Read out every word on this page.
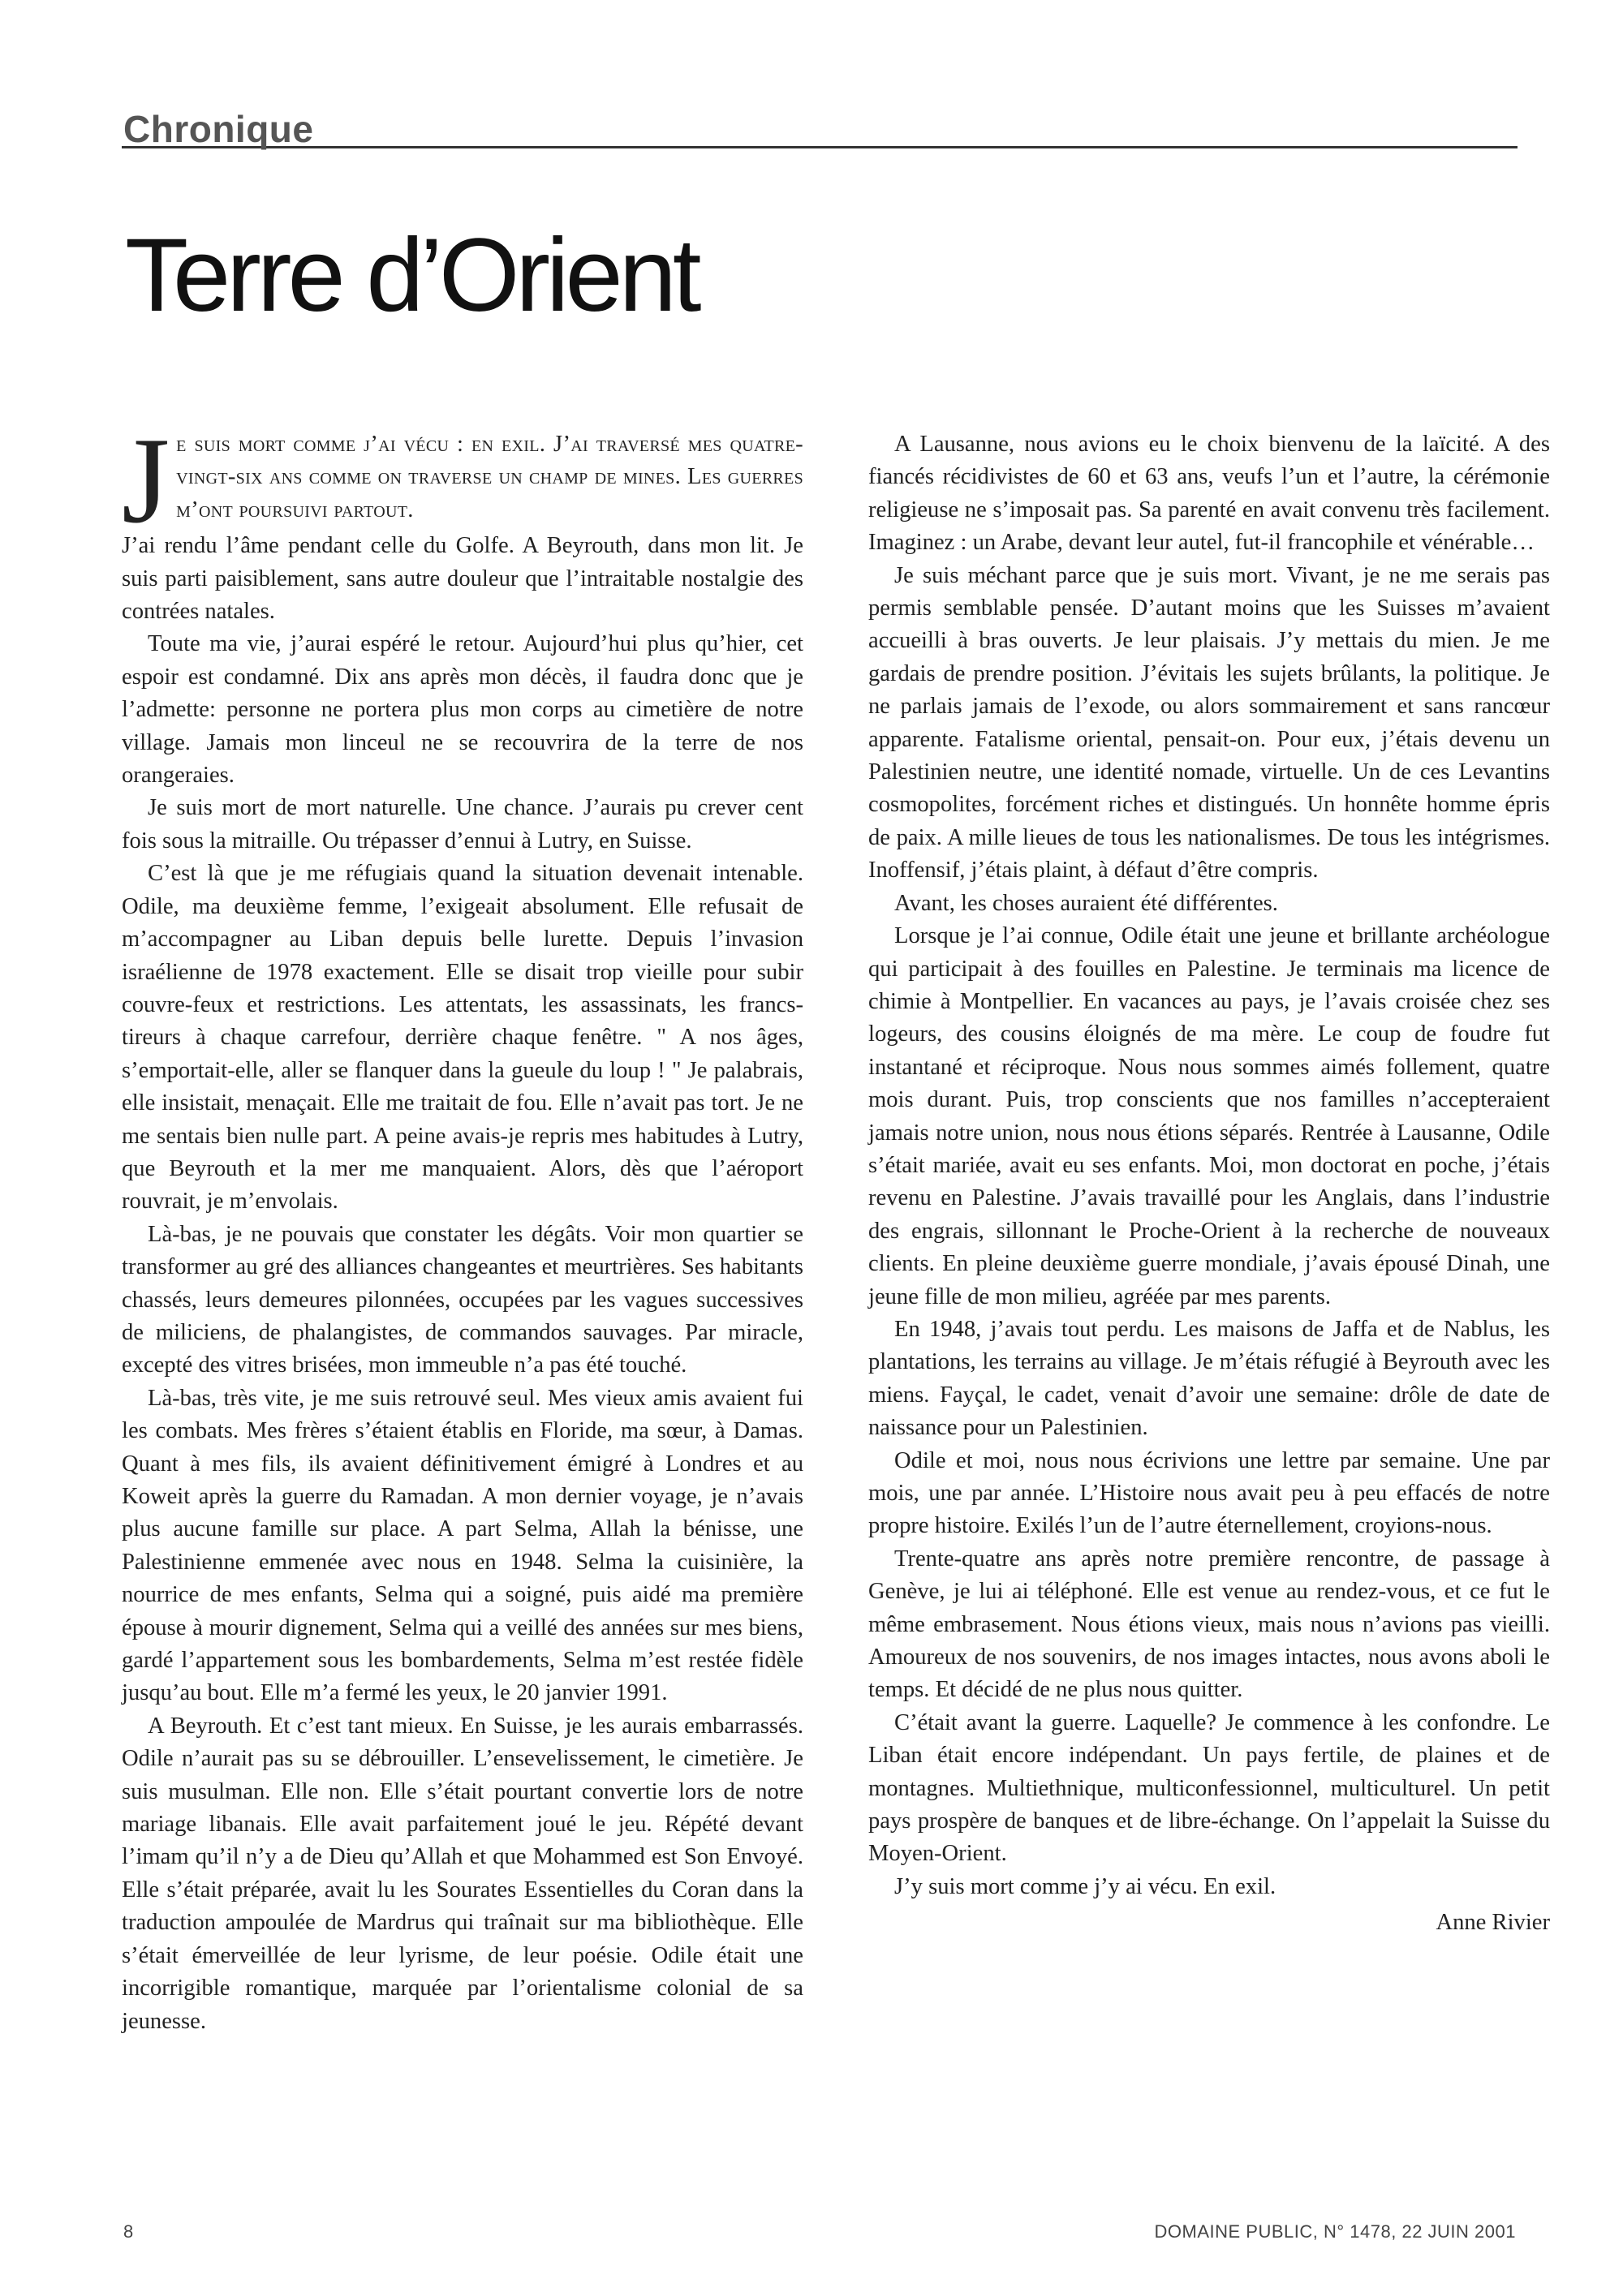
Chronique
Terre d’Orient
J e suis mort comme j’ai vécu : en exil. J’ai traversé mes quatre-vingt-six ans comme on traverse un champ de mines. Les guerres m’ont poursuivi partout.

J’ai rendu l’âme pendant celle du Golfe. A Beyrouth, dans mon lit. Je suis parti paisiblement, sans autre douleur que l’intraitable nostalgie des contrées natales.

Toute ma vie, j’aurai espéré le retour. Aujourd’hui plus qu’hier, cet espoir est condamné. Dix ans après mon décès, il faudra donc que je l’admette: personne ne portera plus mon corps au cimetière de notre village. Jamais mon linceul ne se recouvrira de la terre de nos orangeraies.

Je suis mort de mort naturelle. Une chance. J’aurais pu crever cent fois sous la mitraille. Ou trépasser d’ennui à Lutry, en Suisse.

C’est là que je me réfugiais quand la situation devenait intenable. Odile, ma deuxième femme, l’exigeait absolument. Elle refusait de m’accompagner au Liban depuis belle lurette. Depuis l’invasion israélienne de 1978 exactement. Elle se disait trop vieille pour subir couvre-feux et restrictions. Les attentats, les assassinats, les francs-tireurs à chaque carrefour, derrière chaque fenêtre. " A nos âges, s’emportait-elle, aller se flanquer dans la gueule du loup ! " Je palabrais, elle insistait, menaçait. Elle me traitait de fou. Elle n’avait pas tort. Je ne me sentais bien nulle part. A peine avais-je repris mes habitudes à Lutry, que Beyrouth et la mer me manquaient. Alors, dès que l’aéroport rouvrait, je m’envolais.

Là-bas, je ne pouvais que constater les dégâts. Voir mon quartier se transformer au gré des alliances changeantes et meurtrières. Ses habitants chassés, leurs demeures pilonnées, occupées par les vagues successives de miliciens, de phalangistes, de commandos sauvages. Par miracle, excepté des vitres brisées, mon immeuble n’a pas été touché.

Là-bas, très vite, je me suis retrouvé seul. Mes vieux amis avaient fui les combats. Mes frères s’étaient établis en Floride, ma sœur, à Damas. Quant à mes fils, ils avaient définitivement émigré à Londres et au Koweit après la guerre du Ramadan. A mon dernier voyage, je n’avais plus aucune famille sur place. A part Selma, Allah la bénisse, une Palestinienne emmenée avec nous en 1948. Selma la cuisinière, la nourrice de mes enfants, Selma qui a soigné, puis aidé ma première épouse à mourir dignement, Selma qui a veillé des années sur mes biens, gardé l’appartement sous les bombardements, Selma m’est restée fidèle jusqu’au bout. Elle m’a fermé les yeux, le 20 janvier 1991.

A Beyrouth. Et c’est tant mieux. En Suisse, je les aurais embarrassés. Odile n’aurait pas su se débrouiller. L’ensevelissement, le cimetière. Je suis musulman. Elle non. Elle s’était pourtant convertie lors de notre mariage libanais. Elle avait parfaitement joué le jeu. Répété devant l’imam qu’il n’y a de Dieu qu’Allah et que Mohammed est Son Envoyé. Elle s’était préparée, avait lu les Sourates Essentielles du Coran dans la traduction ampoulée de Mardrus qui traînait sur ma bibliothèque. Elle s’était émerveillée de leur lyrisme, de leur poésie. Odile était une incorrigible romantique, marquée par l’orientalisme colonial de sa jeunesse.

A Lausanne, nous avions eu le choix bienvenu de la laïcité. A des fiancés récidivistes de 60 et 63 ans, veufs l’un et l’autre, la cérémonie religieuse ne s’imposait pas. Sa parenté en avait convenu très facilement. Imaginez : un Arabe, devant leur autel, fut-il francophile et vénérable…

Je suis méchant parce que je suis mort. Vivant, je ne me serais pas permis semblable pensée. D’autant moins que les Suisses m’avaient accueilli à bras ouverts. Je leur plaisais. J’y mettais du mien. Je me gardais de prendre position. J’évitais les sujets brûlants, la politique. Je ne parlais jamais de l’exode, ou alors sommairement et sans rancœur apparente. Fatalisme oriental, pensait-on. Pour eux, j’étais devenu un Palestinien neutre, une identité nomade, virtuelle. Un de ces Levantins cosmopolites, forcément riches et distingués. Un honnête homme épris de paix. A mille lieues de tous les nationalismes. De tous les intégrismes. Inoffensif, j’étais plaint, à défaut d’être compris.

Avant, les choses auraient été différentes.

Lorsque je l’ai connue, Odile était une jeune et brillante archéologue qui participait à des fouilles en Palestine. Je terminais ma licence de chimie à Montpellier. En vacances au pays, je l’avais croisée chez ses logeurs, des cousins éloignés de ma mère. Le coup de foudre fut instantané et réciproque. Nous nous sommes aimés follement, quatre mois durant. Puis, trop conscients que nos familles n’accepteraient jamais notre union, nous nous étions séparés. Rentrée à Lausanne, Odile s’était mariée, avait eu ses enfants. Moi, mon doctorat en poche, j’étais revenu en Palestine. J’avais travaillé pour les Anglais, dans l’industrie des engrais, sillonnant le Proche-Orient à la recherche de nouveaux clients. En pleine deuxième guerre mondiale, j’avais épousé Dinah, une jeune fille de mon milieu, agréée par mes parents.

En 1948, j’avais tout perdu. Les maisons de Jaffa et de Nablus, les plantations, les terrains au village. Je m’étais réfugié à Beyrouth avec les miens. Fayçal, le cadet, venait d’avoir une semaine: drôle de date de naissance pour un Palestinien.

Odile et moi, nous nous écrivions une lettre par semaine. Une par mois, une par année. L’Histoire nous avait peu à peu effacés de notre propre histoire. Exilés l’un de l’autre éternellement, croyions-nous.

Trente-quatre ans après notre première rencontre, de passage à Genève, je lui ai téléphoné. Elle est venue au rendez-vous, et ce fut le même embrasement. Nous étions vieux, mais nous n’avions pas vieilli. Amoureux de nos souvenirs, de nos images intactes, nous avons aboli le temps. Et décidé de ne plus nous quitter.

C’était avant la guerre. Laquelle? Je commence à les confondre. Le Liban était encore indépendant. Un pays fertile, de plaines et de montagnes. Multiethnique, multiconfessionnel, multiculturel. Un petit pays prospère de banques et de libre-échange. On l’appelait la Suisse du Moyen-Orient.

J’y suis mort comme j’y ai vécu. En exil.

Anne Rivier
8	DOMAINE PUBLIC, N° 1478, 22 JUIN 2001
